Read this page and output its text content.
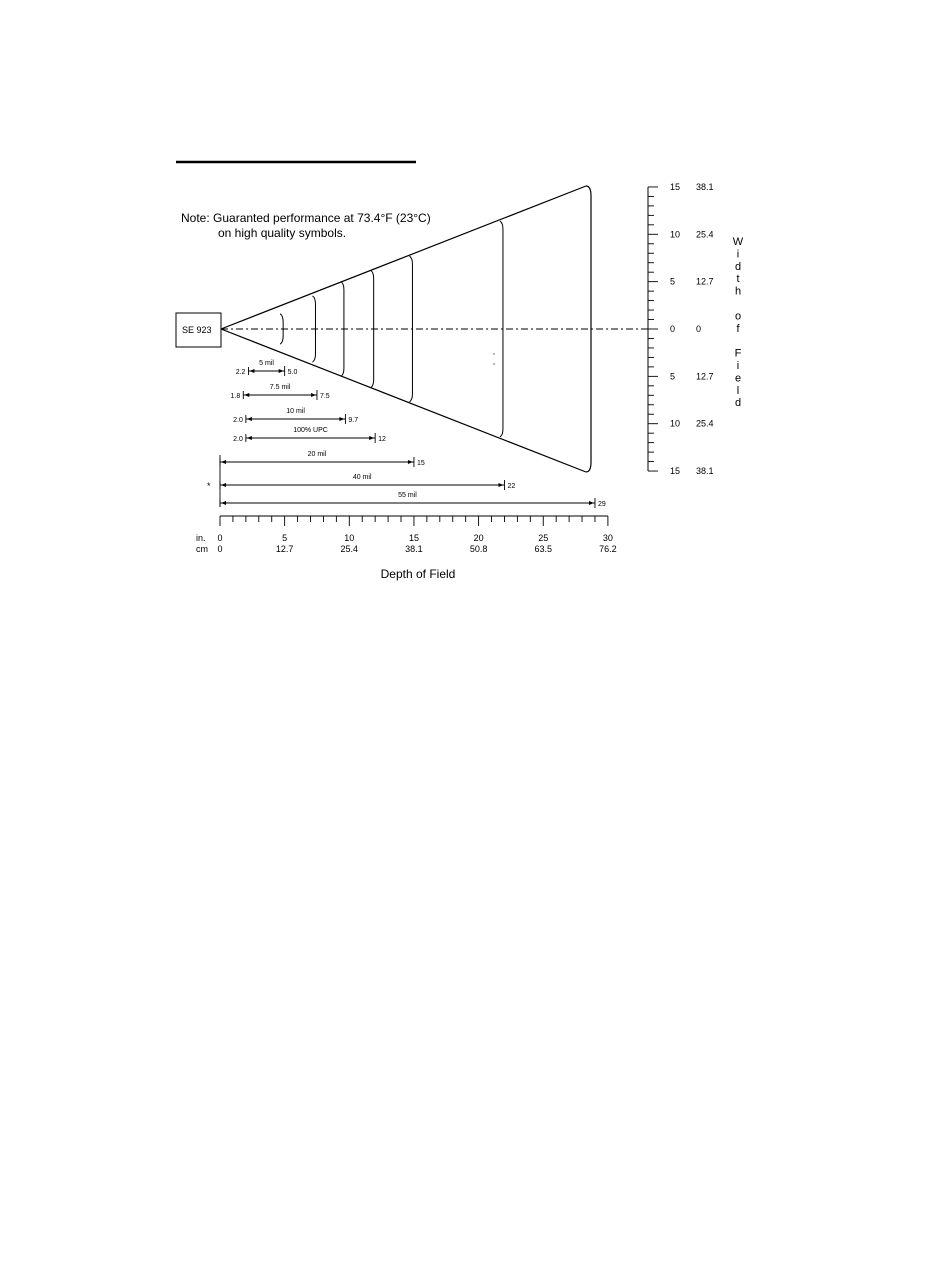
Note: Guaranted performance at 73.4°F (23°C)
on high quality symbols.
SE 923
*
in.
cm
Depth of Field
5 mil
2.2	5.0
7.5 mil
1.8	7.5
10 mil
2.0	9.7
100% UPC
2.0	12
20 mil
15
40 mil
22
55 mil
29
0
0
5
12.7
10
25.4
15
38.1
20
50.8
25
63.5
30
76.2
15 38.1
10 25.4
5 12.7
0 0
5 12.7
10 25.4
15 38.1
W
i
d
t
h
o
f
F
i
e
l
d
